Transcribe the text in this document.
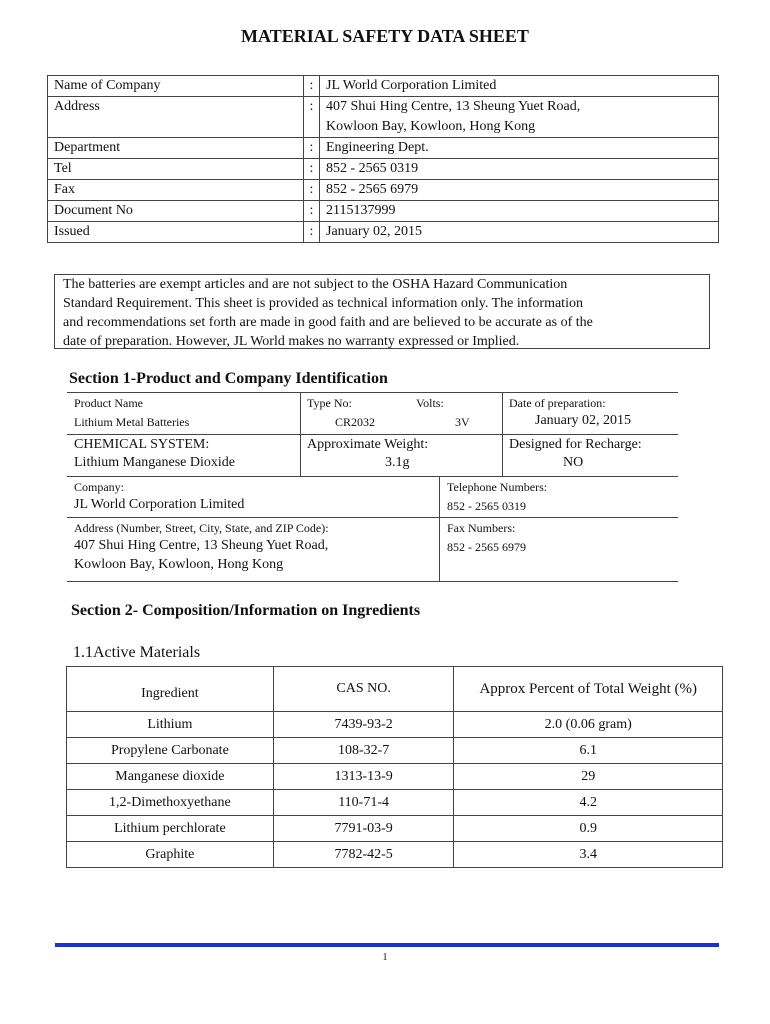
MATERIAL SAFETY DATA SHEET
Name of Company	: JL World Corporation Limited
Address	: 407 Shui Hing Centre, 13 Sheung Yuet Road,
Kowloon Bay, Kowloon, Hong Kong
Department	: Engineering Dept.
Tel	: 852 - 2565 0319
Fax	: 852 - 2565 6979
Document No	: 2115137999
Issued	: January 02, 2015
The batteries are exempt articles and are not subject to the OSHA Hazard Communication
Standard Requirement. This sheet is provided as technical information only. The information
and recommendations set forth are made in good faith and are believed to be accurate as of the
date of preparation. However, JL World makes no warranty expressed or Implied.
Section 1-Product and Company Identification
Product Name
Lithium Metal Batteries
Type No:
CR2032
Volts:
3V
Date of preparation:
January 02, 2015
CHEMICAL SYSTEM:
Lithium Manganese Dioxide
Approximate Weight:
3.1g
Designed for Recharge:
NO
Company:
JL World Corporation Limited
Telephone Numbers:
852 - 2565 0319
Address (Number, Street, City, State, and ZIP Code):
407 Shui Hing Centre, 13 Sheung Yuet Road,
Kowloon Bay, Kowloon, Hong Kong
Fax Numbers:
852 - 2565 6979
Section 2- Composition/Information on Ingredients
1.1Active Materials
Ingredient	CAS NO.	Approx Percent of Total Weight (%)
Lithium	7439-93-2	2.0 (0.06 gram)
Propylene Carbonate	108-32-7	6.1
Manganese dioxide	1313-13-9	29
1,2-Dimethoxyethane	110-71-4	4.2
Lithium perchlorate	7791-03-9	0.9
Graphite	7782-42-5	3.4
1
